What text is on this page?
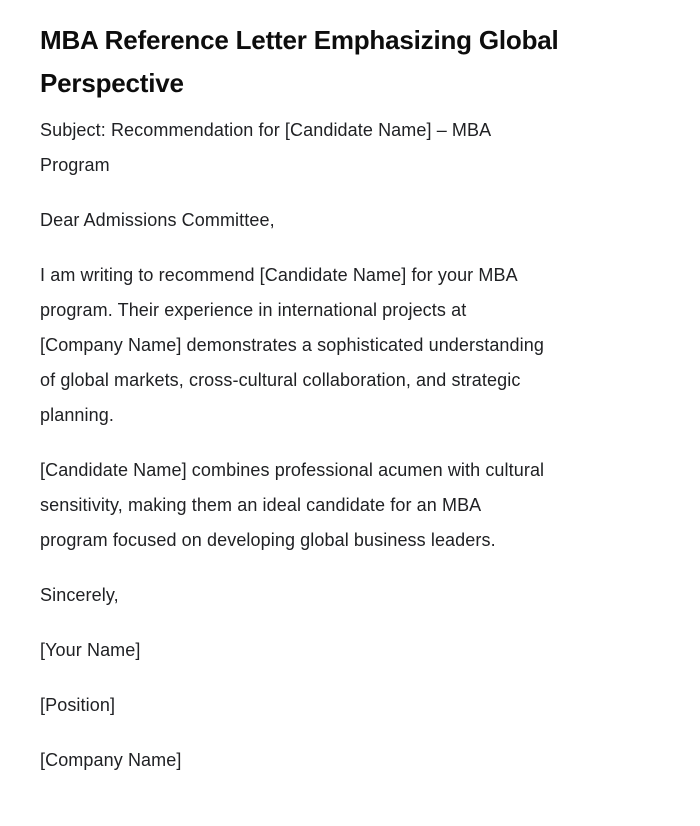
MBA Reference Letter Emphasizing Global
Perspective

Subject: Recommendation for [Candidate Name] – MBA
Program

Dear Admissions Committee,

I am writing to recommend [Candidate Name] for your MBA
program. Their experience in international projects at
[Company Name] demonstrates a sophisticated understanding
of global markets, cross-cultural collaboration, and strategic
planning.

[Candidate Name] combines professional acumen with cultural
sensitivity, making them an ideal candidate for an MBA
program focused on developing global business leaders.

Sincerely,

[Your Name]

[Position]

[Company Name]
